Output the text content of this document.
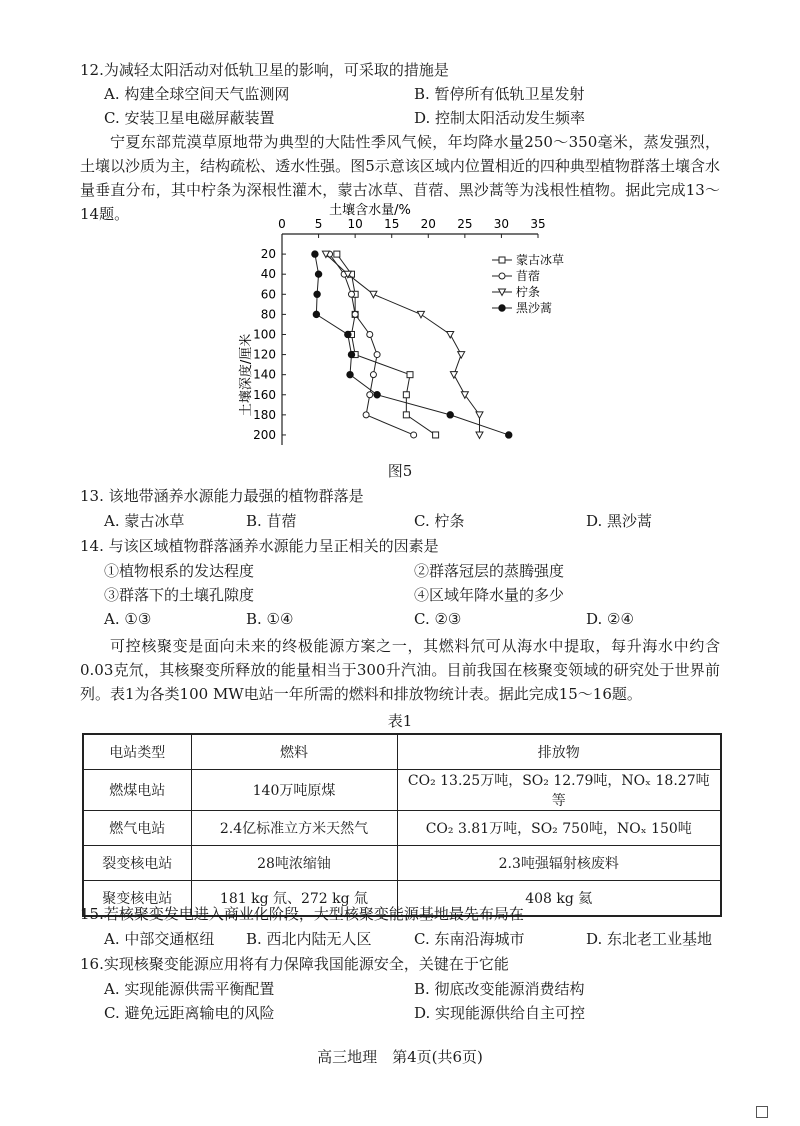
12.为减轻太阳活动对低轨卫星的影响，可采取的措施是
A. 构建全球空间天气监测网	B. 暂停所有低轨卫星发射
C. 安装卫星电磁屏蔽装置	D. 控制太阳活动发生频率
宁夏东部荒漠草原地带为典型的大陆性季风气候，年均降水量250～350毫米，蒸发强烈，土壤以沙质为主，结构疏松、透水性强。图5示意该区域内位置相近的四种典型植物群落土壤含水量垂直分布，其中柠条为深根性灌木，蒙古冰草、苜蓿、黑沙蒿等为浅根性植物。据此完成13～14题。	土壤含水量/%
0 5 10 15 20 25 30 35
20
40
60
80
100
120
140
160
180
200
土壤深度/厘米
蒙古冰草
苜蓿
柠条
黑沙蒿
图5
13. 该地带涵养水源能力最强的植物群落是
A. 蒙古冰草	B. 苜蓿	C. 柠条	D. 黑沙蒿
14. 与该区域植物群落涵养水源能力呈正相关的因素是
①植物根系的发达程度	②群落冠层的蒸腾强度
③群落下的土壤孔隙度	④区域年降水量的多少
A. ①③	B. ①④	C. ②③	D. ②④
可控核聚变是面向未来的终极能源方案之一，其燃料氘可从海水中提取，每升海水中约含0.03克氘，其核聚变所释放的能量相当于300升汽油。目前我国在核聚变领域的研究处于世界前列。表1为各类100 MW电站一年所需的燃料和排放物统计表。据此完成15～16题。
表1
电站类型	燃料	排放物
燃煤电站	140万吨原煤	CO₂ 13.25万吨，SO₂ 12.79吨，NOₓ 18.27吨等
燃气电站	2.4亿标准立方米天然气	CO₂ 3.81万吨，SO₂ 750吨，NOₓ 150吨
裂变核电站	28吨浓缩铀	2.3吨强辐射核废料
聚变核电站	181 kg 氘、272 kg 氚	408 kg 氦
15.若核聚变发电进入商业化阶段，大型核聚变能源基地最先布局在
A. 中部交通枢纽 B. 西北内陆无人区	C. 东南沿海城市	D. 东北老工业基地
16.实现核聚变能源应用将有力保障我国能源安全，关键在于它能
A. 实现能源供需平衡配置	B. 彻底改变能源消费结构
C. 避免远距离输电的风险	D. 实现能源供给自主可控
高三地理　第4页(共6页)
